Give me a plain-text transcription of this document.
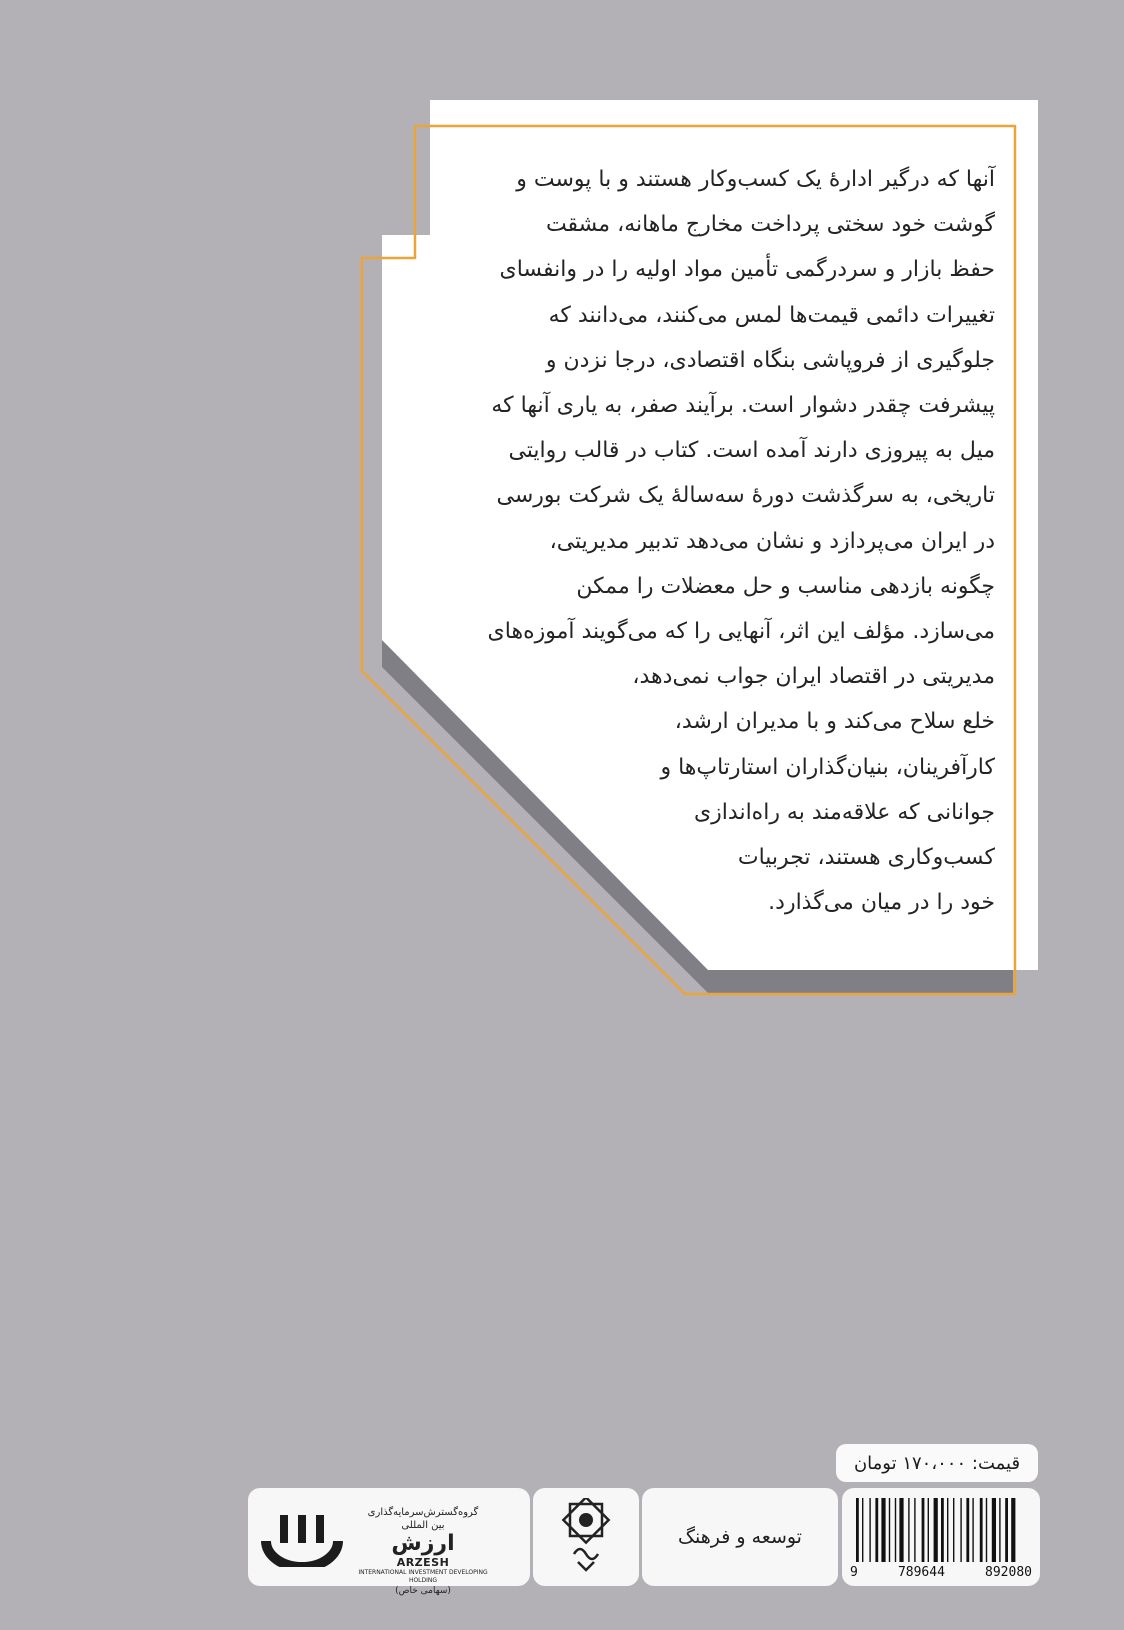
آنها که درگیر ادارهٔ یک کسب‌وکار هستند و با پوست و
گوشت خود سختی پرداخت مخارج ماهانه، مشقت
حفظ بازار و سردرگمی تأمین مواد اولیه را در وانفسای
تغییرات دائمی قیمت‌ها لمس می‌کنند، می‌دانند که
جلوگیری از فروپاشی بنگاه اقتصادی، درجا نزدن و
پیشرفت چقدر دشوار است. برآیند صفر، به یاری آنها که
میل به پیروزی دارند آمده است. کتاب در قالب روایتی
تاریخی، به سرگذشت دورهٔ سه‌سالهٔ یک شرکت بورسی
در ایران می‌پردازد و نشان می‌دهد تدبیر مدیریتی،
چگونه بازدهی مناسب و حل معضلات را ممکن
می‌سازد. مؤلف این اثر، آنهایی را که می‌گویند آموزه‌های
مدیریتی در اقتصاد ایران جواب نمی‌دهد،
خلع سلاح می‌کند و با مدیران ارشد،
کارآفرینان، بنیان‌گذاران استارتاپ‌ها و
جوانانی که علاقه‌مند به راه‌اندازی
کسب‌وکاری هستند، تجربیات
خود را در میان می‌گذارد.
قیمت: ۱۷۰،۰۰۰ تومان
9	789644	892080
توسعه و فرهنگ
گروه‌گسترش‌سرمایه‌گذاری
بین المللی
ارزش
ARZESH
INTERNATIONAL INVESTMENT DEVELOPING HOLDING
(سهامی خاص)
